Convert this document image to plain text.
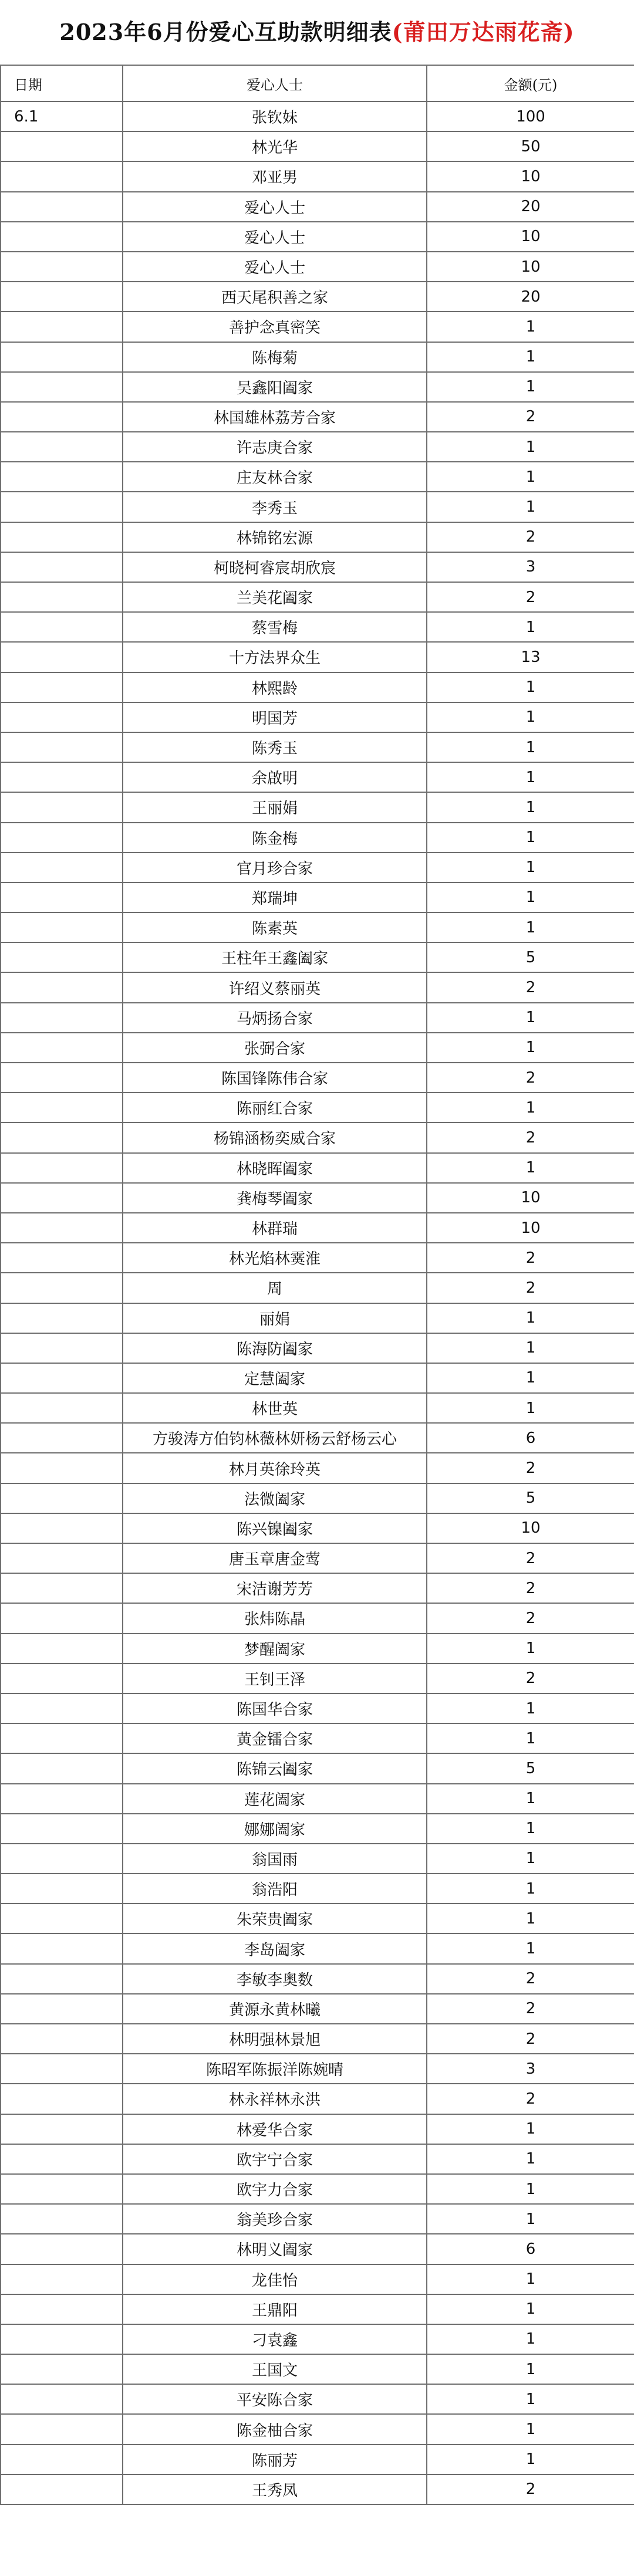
2023年6月份爱心互助款明细表(莆田万达雨花斋)
日期	爱心人士	金额(元)
6.1	张钦妹	100
	林光华	50
	邓亚男	10
	爱心人士	20
	爱心人士	10
	爱心人士	10
	西天尾积善之家	20
	善护念真密笑	1
	陈梅菊	1
	吴鑫阳阖家	1
	林国雄林荔芳合家	2
	许志庚合家	1
	庄友林合家	1
	李秀玉	1
	林锦铭宏源	2
	柯晓柯睿宸胡欣宸	3
	兰美花阖家	2
	蔡雪梅	1
	十方法界众生	13
	林熙龄	1
	明国芳	1
	陈秀玉	1
	余啟明	1
	王丽娟	1
	陈金梅	1
	官月珍合家	1
	郑瑞坤	1
	陈素英	1
	王柱年王鑫阖家	5
	许绍义蔡丽英	2
	马炳扬合家	1
	张弼合家	1
	陈国锋陈伟合家	2
	陈丽红合家	1
	杨锦涵杨奕威合家	2
	林晓晖阖家	1
	龚梅琴阖家	10
	林群瑞	10
	林光焰林霙淮	2
	周	2
	丽娟	1
	陈海防阖家	1
	定慧阖家	1
	林世英	1
	方骏涛方伯钧林薇林妍杨云舒杨云心	6
	林月英徐玲英	2
	法微阖家	5
	陈兴镍阖家	10
	唐玉章唐金莺	2
	宋洁谢芳芳	2
	张炜陈晶	2
	梦醒阖家	1
	王钊王泽	2
	陈国华合家	1
	黄金镭合家	1
	陈锦云阖家	5
	莲花阖家	1
	娜娜阖家	1
	翁国雨	1
	翁浩阳	1
	朱荣贵阖家	1
	李岛阖家	1
	李敏李奥数	2
	黄源永黄林曦	2
	林明强林景旭	2
	陈昭军陈振洋陈婉晴	3
	林永祥林永洪	2
	林爱华合家	1
	欧宇宁合家	1
	欧宇力合家	1
	翁美珍合家	1
	林明义阖家	6
	龙佳怡	1
	王鼎阳	1
	刁袁鑫	1
	王国文	1
	平安陈合家	1
	陈金柚合家	1
	陈丽芳	1
	王秀凤	2
